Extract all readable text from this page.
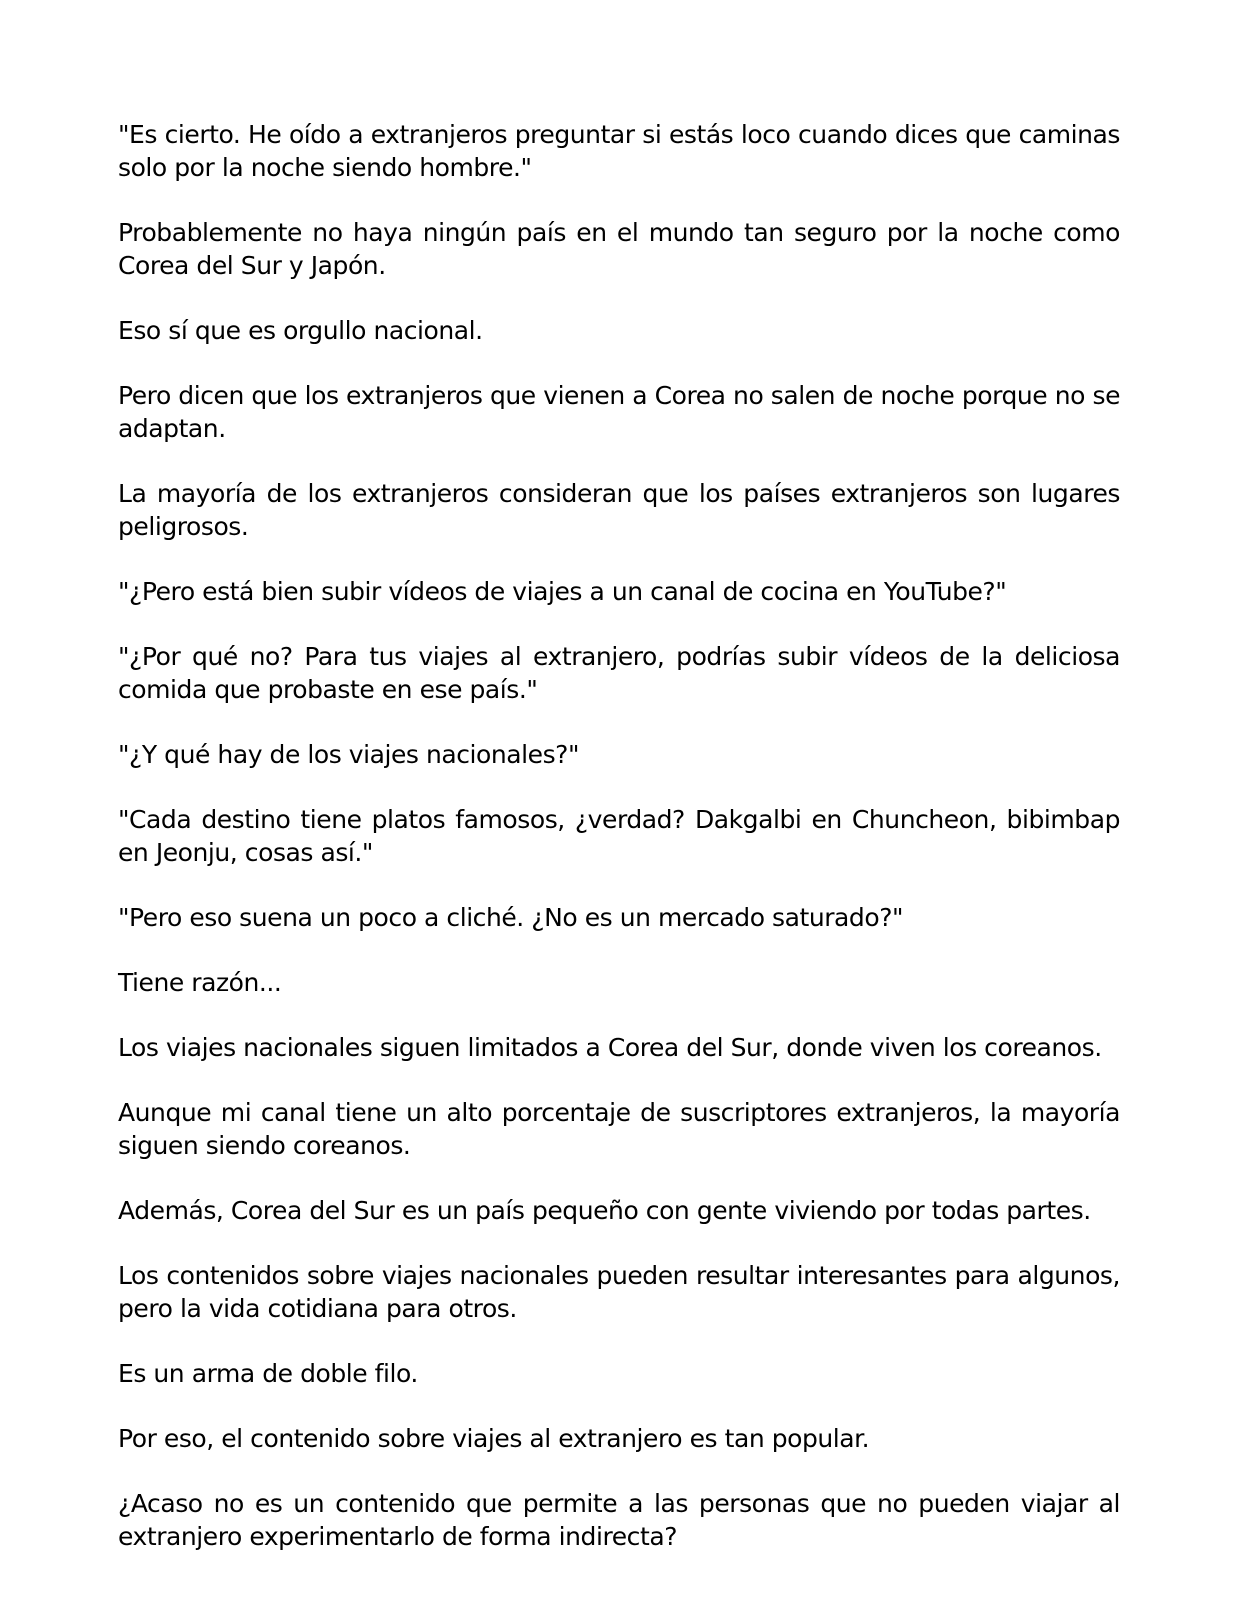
"Es cierto. He oído a extranjeros preguntar si estás loco cuando dices que caminas solo por la noche siendo hombre."

Probablemente no haya ningún país en el mundo tan seguro por la noche como Corea del Sur y Japón.

Eso sí que es orgullo nacional.

Pero dicen que los extranjeros que vienen a Corea no salen de noche porque no se adaptan.

La mayoría de los extranjeros consideran que los países extranjeros son lugares peligrosos.

"¿Pero está bien subir vídeos de viajes a un canal de cocina en YouTube?"

"¿Por qué no? Para tus viajes al extranjero, podrías subir vídeos de la deliciosa comida que probaste en ese país."

"¿Y qué hay de los viajes nacionales?"

"Cada destino tiene platos famosos, ¿verdad? Dakgalbi en Chuncheon, bibimbap en Jeonju, cosas así."

"Pero eso suena un poco a cliché. ¿No es un mercado saturado?"

Tiene razón...

Los viajes nacionales siguen limitados a Corea del Sur, donde viven los coreanos.

Aunque mi canal tiene un alto porcentaje de suscriptores extranjeros, la mayoría siguen siendo coreanos.

Además, Corea del Sur es un país pequeño con gente viviendo por todas partes.

Los contenidos sobre viajes nacionales pueden resultar interesantes para algunos, pero la vida cotidiana para otros.

Es un arma de doble filo.

Por eso, el contenido sobre viajes al extranjero es tan popular.

¿Acaso no es un contenido que permite a las personas que no pueden viajar al extranjero experimentarlo de forma indirecta?
